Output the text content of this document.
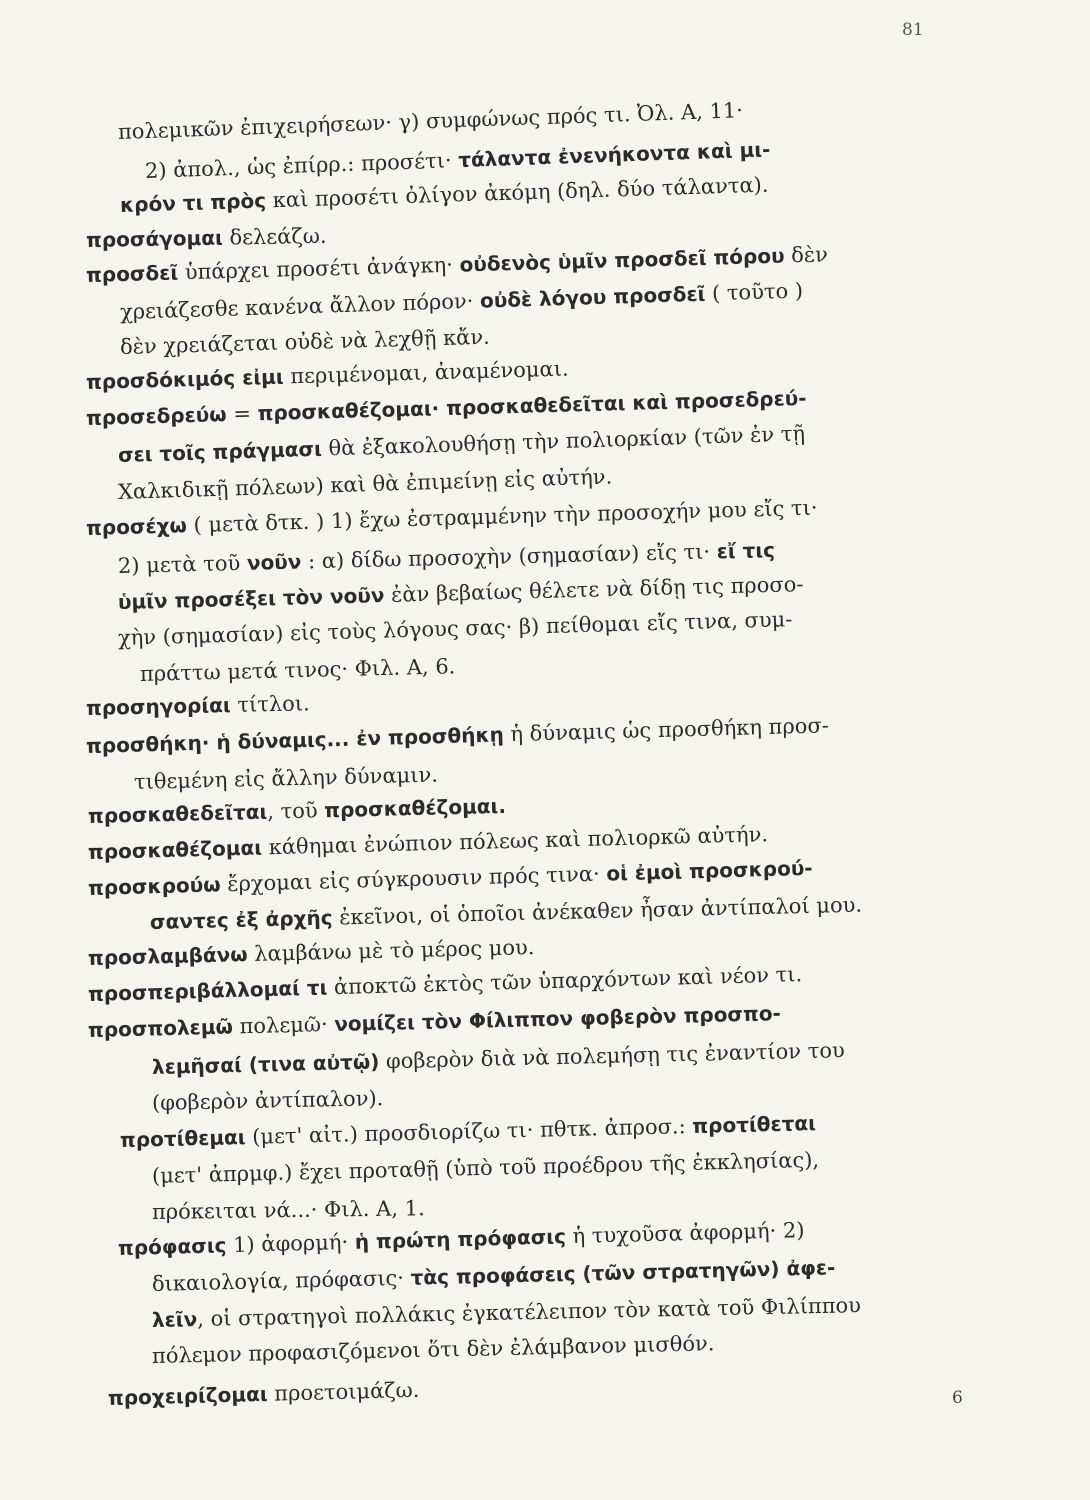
81
πολεμικῶν ἐπιχειρήσεων· γ) συμφώνως πρός τι. Ὀλ. Α, 11·
2) ἀπολ., ὡς ἐπίρρ.: προσέτι· τάλαντα ἐνενήκοντα καὶ μι-
κρόν τι πρὸς καὶ προσέτι ὀλίγον ἀκόμη (δηλ. δύο τάλαντα).
προσάγομαι δελεάζω.
προσδεῖ ὑπάρχει προσέτι ἀνάγκη· οὐδενὸς ὑμῖν προσδεῖ πόρου δὲν
χρειάζεσθε κανένα ἄλλον πόρον· οὐδὲ λόγου προσδεῖ ( τοῦτο )
δὲν χρειάζεται οὐδὲ νὰ λεχθῇ κἄν.
προσδόκιμός εἰμι περιμένομαι, ἀναμένομαι.
προσεδρεύω = προσκαθέζομαι· προσκαθεδεῖται καὶ προσεδρεύ-
σει τοῖς πράγμασι θὰ ἐξακολουθήσῃ τὴν πολιορκίαν (τῶν ἐν τῇ
Χαλκιδικῇ πόλεων) καὶ θὰ ἐπιμείνῃ εἰς αὐτήν.
προσέχω ( μετὰ δτκ. ) 1) ἔχω ἐστραμμένην τὴν προσοχήν μου εἴς τι·
2) μετὰ τοῦ νοῦν : α) δίδω προσοχὴν (σημασίαν) εἴς τι· εἴ τις
ὑμῖν προσέξει τὸν νοῦν ἐὰν βεβαίως θέλετε νὰ δίδῃ τις προσο-
χὴν (σημασίαν) εἰς τοὺς λόγους σας· β) πείθομαι εἴς τινα, συμ-
πράττω μετά τινος· Φιλ. Α, 6.
προσηγορίαι τίτλοι.
προσθήκη· ἡ δύναμις... ἐν προσθήκῃ ἡ δύναμις ὡς προσθήκη προσ-
τιθεμένη εἰς ἄλλην δύναμιν.
προσκαθεδεῖται, τοῦ προσκαθέζομαι.
προσκαθέζομαι κάθημαι ἐνώπιον πόλεως καὶ πολιορκῶ αὐτήν.
προσκρούω ἔρχομαι εἰς σύγκρουσιν πρός τινα· οἱ ἐμοὶ προσκρού-
σαντες ἐξ ἀρχῆς ἐκεῖνοι, οἱ ὁποῖοι ἀνέκαθεν ἦσαν ἀντίπαλοί μου.
προσλαμβάνω λαμβάνω μὲ τὸ μέρος μου.
προσπεριβάλλομαί τι ἀποκτῶ ἐκτὸς τῶν ὑπαρχόντων καὶ νέον τι.
προσπολεμῶ πολεμῶ· νομίζει τὸν Φίλιππον φοβερὸν προσπο-
λεμῆσαί (τινα αὐτῷ) φοβερὸν διὰ νὰ πολεμήσῃ τις ἐναντίον του
(φοβερὸν ἀντίπαλον).
προτίθεμαι (μετ' αἰτ.) προσδιορίζω τι· πθτκ. ἀπροσ.: προτίθεται
(μετ' ἀπρμφ.) ἔχει προταθῇ (ὑπὸ τοῦ προέδρου τῆς ἐκκλησίας),
πρόκειται νά...· Φιλ. Α, 1.
πρόφασις 1) ἀφορμή· ἡ πρώτη πρόφασις ἡ τυχοῦσα ἀφορμή· 2)
δικαιολογία, πρόφασις· τὰς προφάσεις (τῶν στρατηγῶν) ἀφε-
λεῖν, οἱ στρατηγοὶ πολλάκις ἐγκατέλειπον τὸν κατὰ τοῦ Φιλίππου
πόλεμον προφασιζόμενοι ὅτι δὲν ἐλάμβανον μισθόν.
προχειρίζομαι προετοιμάζω.	6
